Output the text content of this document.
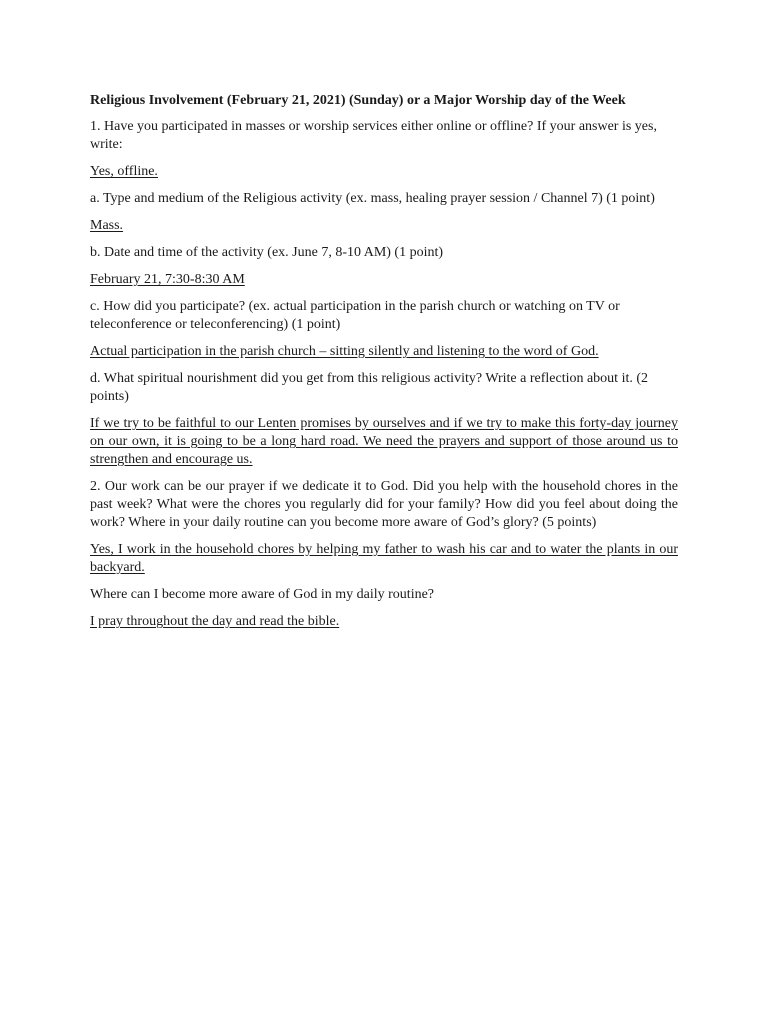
Religious Involvement (February 21, 2021) (Sunday) or a Major Worship day of the Week

1. Have you participated in masses or worship services either online or offline? If your answer is yes, write:

Yes, offline.

a. Type and medium of the Religious activity (ex. mass, healing prayer session / Channel 7) (1 point)

Mass.

b. Date and time of the activity (ex. June 7, 8-10 AM) (1 point)

February 21, 7:30-8:30 AM

c. How did you participate? (ex. actual participation in the parish church or watching on TV or teleconference or teleconferencing) (1 point)

Actual participation in the parish church – sitting silently and listening to the word of God.

d. What spiritual nourishment did you get from this religious activity? Write a reflection about it. (2 points)

If we try to be faithful to our Lenten promises by ourselves and if we try to make this forty-day journey on our own, it is going to be a long hard road. We need the prayers and support of those around us to strengthen and encourage us.

2. Our work can be our prayer if we dedicate it to God. Did you help with the household chores in the past week? What were the chores you regularly did for your family? How did you feel about doing the work? Where in your daily routine can you become more aware of God’s glory? (5 points)

Yes, I work in the household chores by helping my father to wash his car and to water the plants in our backyard.

Where can I become more aware of God in my daily routine?

I pray throughout the day and read the bible.
